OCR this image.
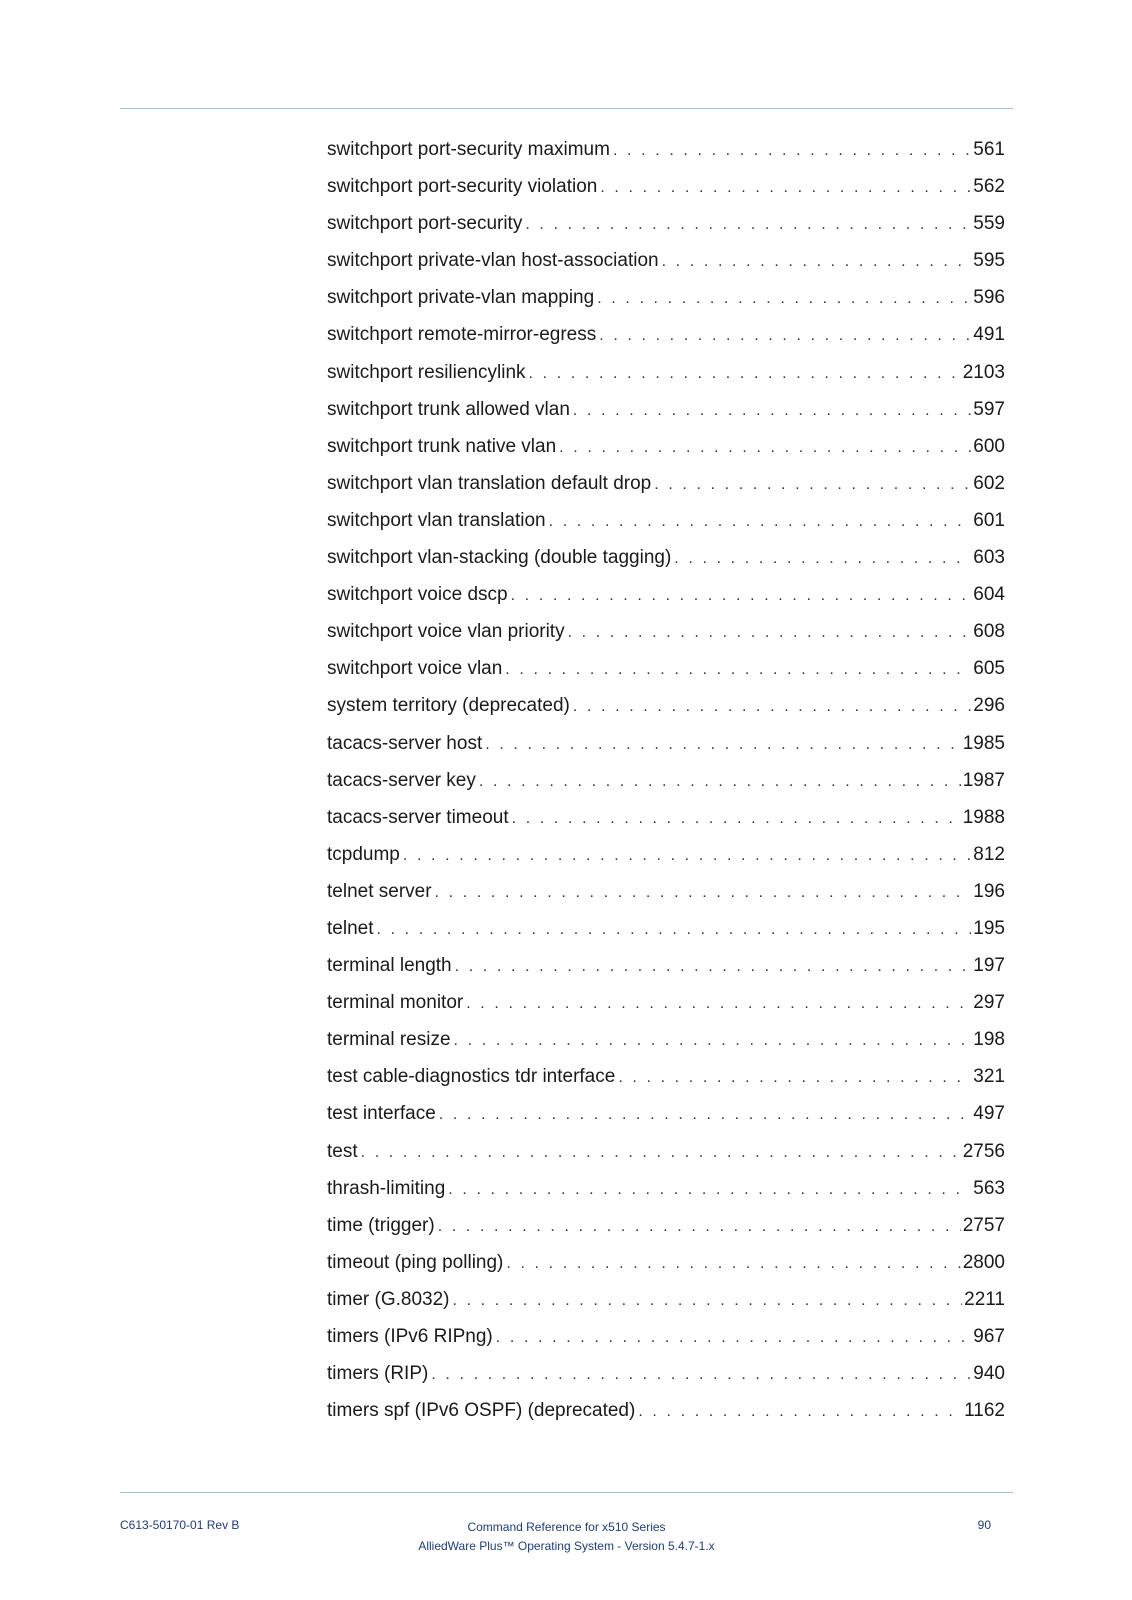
switchport port-security maximum . . .	561
switchport port-security violation . . .	562
switchport port-security . . .	559
switchport private-vlan host-association . . .	595
switchport private-vlan mapping . . .	596
switchport remote-mirror-egress . . .	491
switchport resiliencylink . . .	2103
switchport trunk allowed vlan . . .	597
switchport trunk native vlan . . .	600
switchport vlan translation default drop . . .	602
switchport vlan translation . . .	601
switchport vlan-stacking (double tagging) . . .	603
switchport voice dscp . . .	604
switchport voice vlan priority . . .	608
switchport voice vlan . . .	605
system territory (deprecated) . . .	296
tacacs-server host . . .	1985
tacacs-server key . . .	1987
tacacs-server timeout . . .	1988
tcpdump . . .	812
telnet server . . .	196
telnet . . .	195
terminal length . . .	197
terminal monitor . . .	297
terminal resize . . .	198
test cable-diagnostics tdr interface . . .	321
test interface . . .	497
test . . .	2756
thrash-limiting . . .	563
time (trigger) . . .	2757
timeout (ping polling) . . .	2800
timer (G.8032) . . .	2211
timers (IPv6 RIPng) . . .	967
timers (RIP) . . .	940
timers spf (IPv6 OSPF) (deprecated) . . .	1162
C613-50170-01 Rev B	Command Reference for x510 Series
AlliedWare Plus™ Operating System - Version 5.4.7-1.x
90
